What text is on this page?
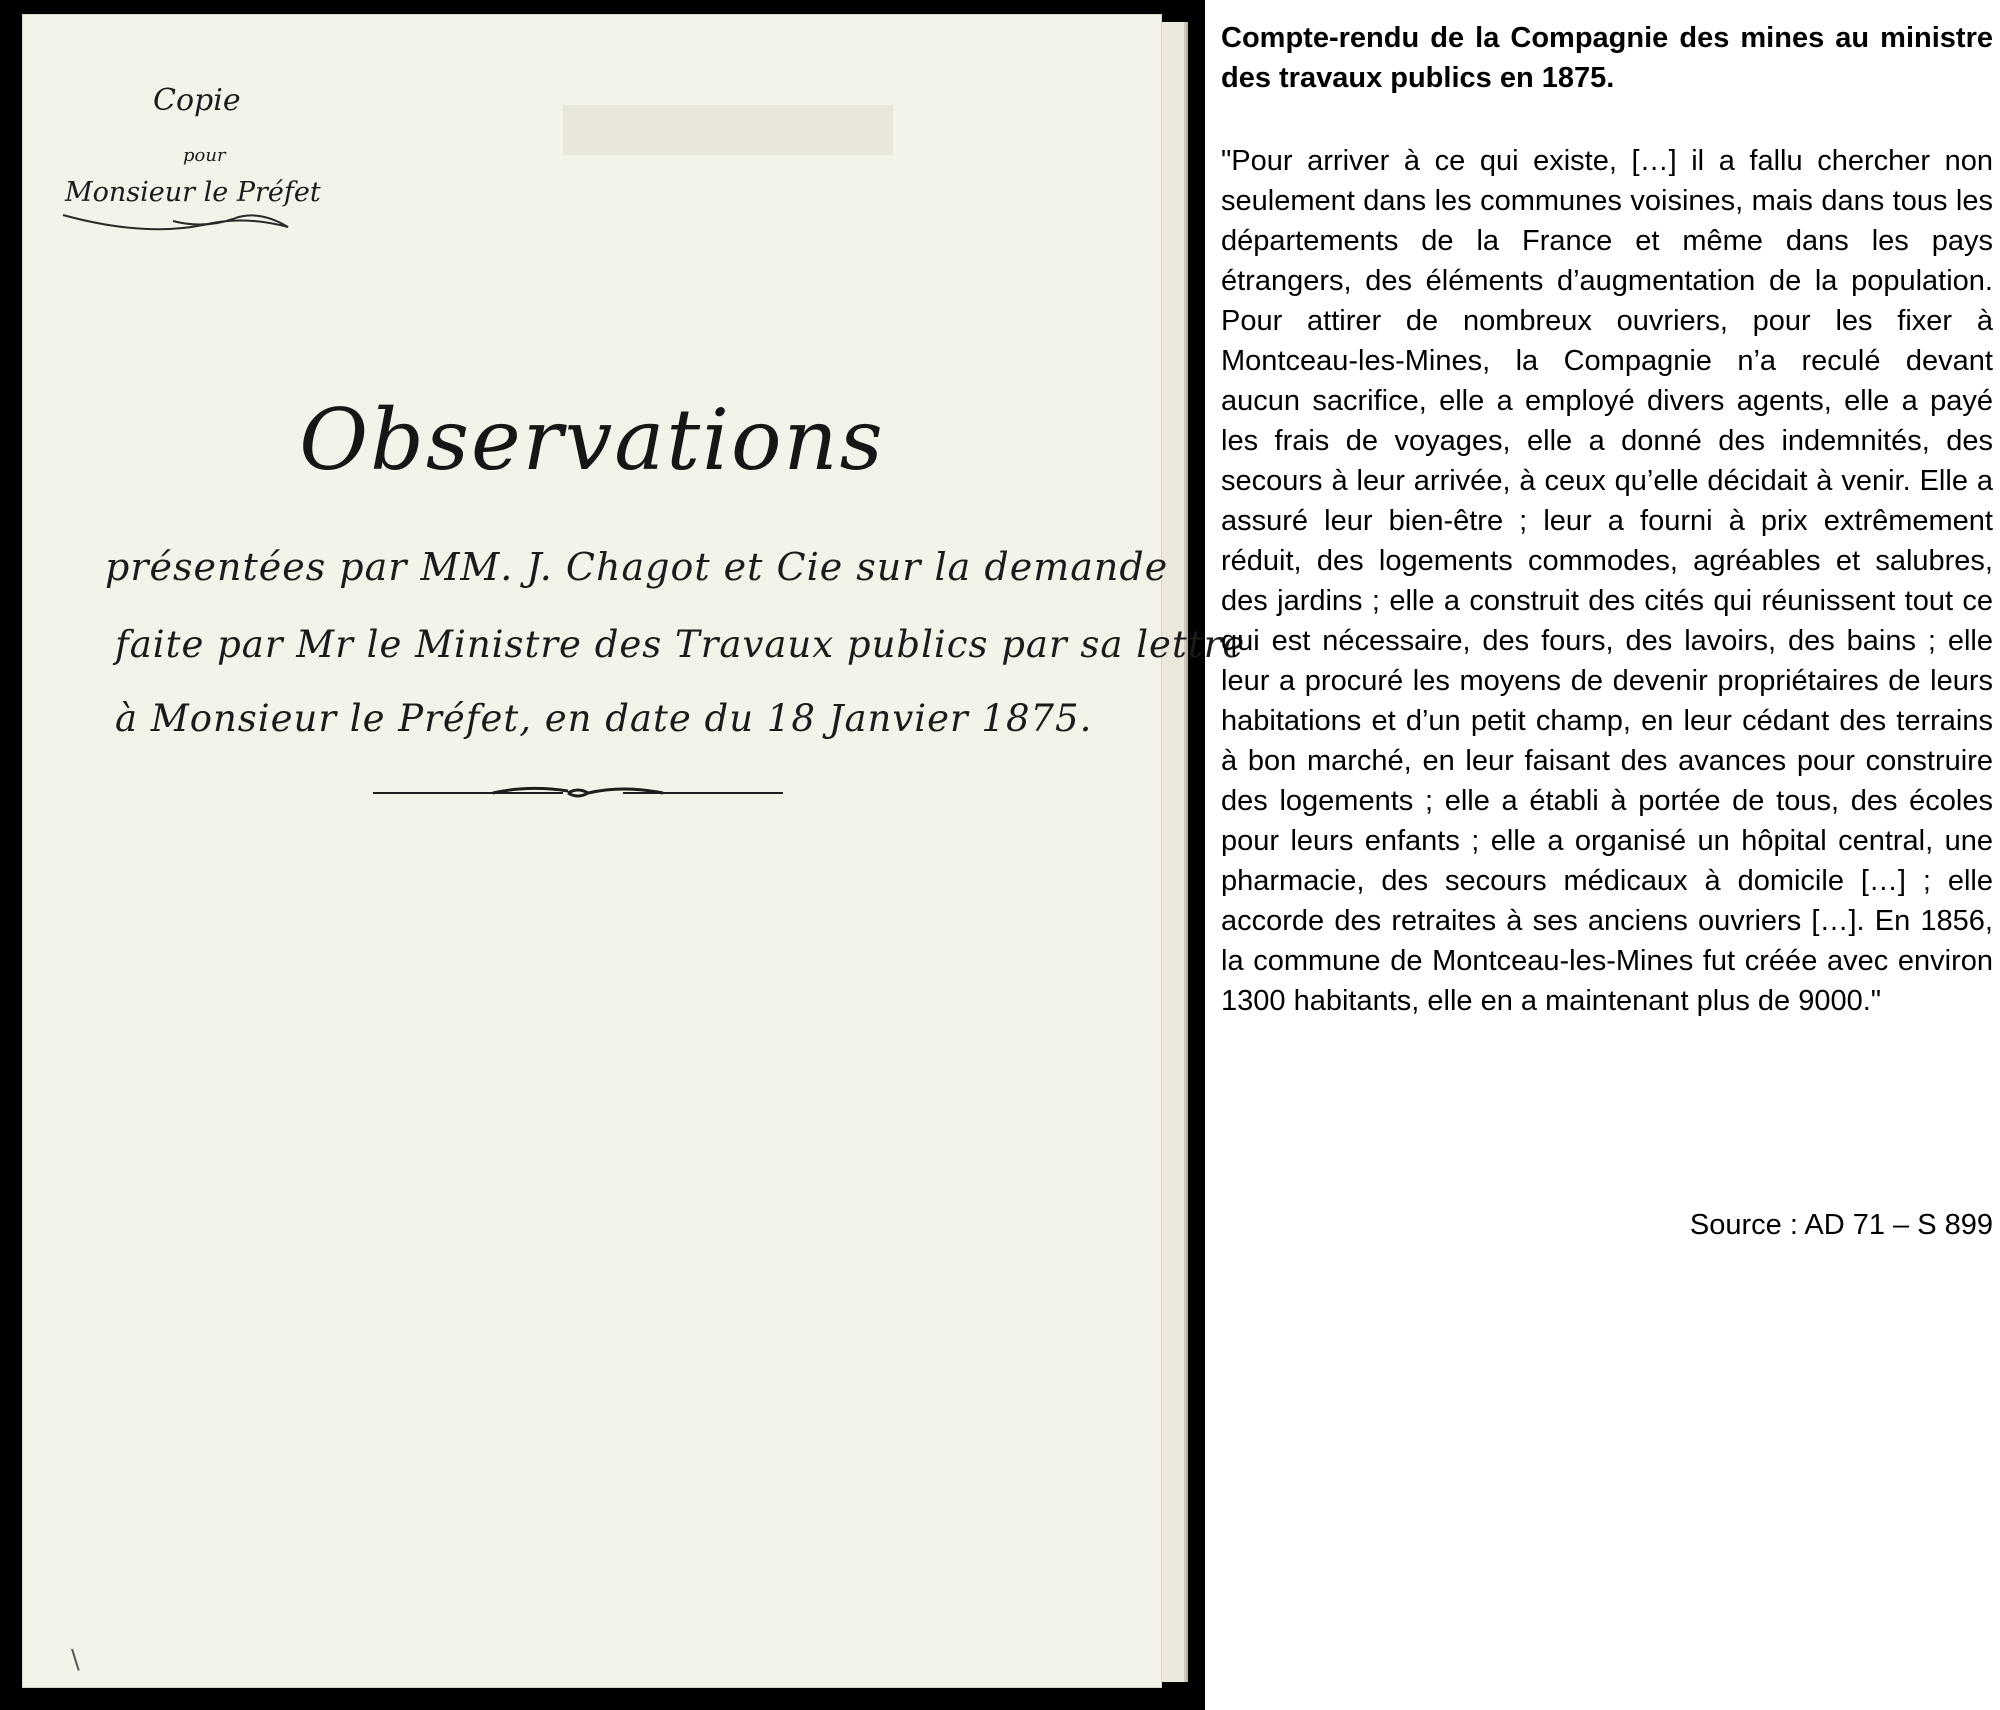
Copie

pour

Monsieur le Préfet

Observations

présentées par MM. J. Chagot et Cie sur la demande

faite par Mr le Ministre des Travaux publics par sa lettre

à Monsieur le Préfet, en date du 18 Janvier 1875.

\
Compte-rendu de la Compagnie des mines au ministre des travaux publics en 1875.

"Pour arriver à ce qui existe, […] il a fallu chercher non seulement dans les communes voisines, mais dans tous les départements de la France et même dans les pays étrangers, des éléments d’augmentation de la population. Pour attirer de nombreux ouvriers, pour les fixer à Montceau-les-Mines, la Compagnie n’a reculé devant aucun sacrifice, elle a employé divers agents, elle a payé les frais de voyages, elle a donné des indemnités, des secours à leur arrivée, à ceux qu’elle décidait à venir. Elle a assuré leur bien-être ; leur a fourni à prix extrêmement réduit, des logements commodes, agréables et salubres, des jardins ; elle a construit des cités qui réunissent tout ce qui est nécessaire, des fours, des lavoirs, des bains ; elle leur a procuré les moyens de devenir propriétaires de leurs habitations et d’un petit champ, en leur cédant des terrains à bon marché, en leur faisant des avances pour construire des logements ; elle a établi à portée de tous, des écoles pour leurs enfants ; elle a organisé un hôpital central, une pharmacie, des secours médicaux à domicile […] ; elle accorde des retraites à ses anciens ouvriers […]. En 1856, la commune de Montceau-les-Mines fut créée avec environ 1300 habitants, elle en a maintenant plus de 9000."

Source : AD 71 – S 899
